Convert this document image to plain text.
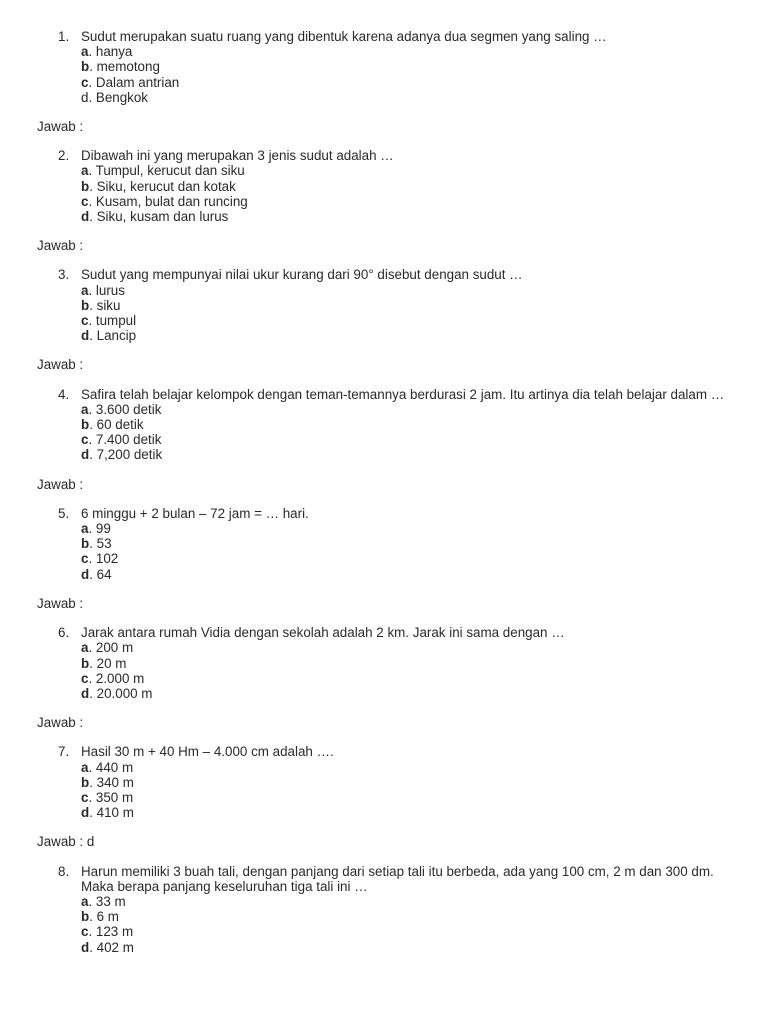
1. Sudut merupakan suatu ruang yang dibentuk karena adanya dua segmen yang saling …
a. hanya
b. memotong
c. Dalam antrian
d. Bengkok
Jawab :
2. Dibawah ini yang merupakan 3 jenis sudut adalah …
a. Tumpul, kerucut dan siku
b. Siku, kerucut dan kotak
c. Kusam, bulat dan runcing
d. Siku, kusam dan lurus
Jawab :
3. Sudut yang mempunyai nilai ukur kurang dari 90° disebut dengan sudut …
a. lurus
b. siku
c. tumpul
d. Lancip
Jawab :
4. Safira telah belajar kelompok dengan teman-temannya berdurasi 2 jam. Itu artinya dia telah belajar dalam …
a. 3.600 detik
b. 60 detik
c. 7.400 detik
d. 7,200 detik
Jawab :
5. 6 minggu + 2 bulan – 72 jam = … hari.
a. 99
b. 53
c. 102
d. 64
Jawab :
6. Jarak antara rumah Vidia dengan sekolah adalah 2 km. Jarak ini sama dengan …
a. 200 m
b. 20 m
c. 2.000 m
d. 20.000 m
Jawab :
7. Hasil 30 m + 40 Hm – 4.000 cm adalah ….
a. 440 m
b. 340 m
c. 350 m
d. 410 m
Jawab : d
8. Harun memiliki 3 buah tali, dengan panjang dari setiap tali itu berbeda, ada yang 100 cm, 2 m dan 300 dm. Maka berapa panjang keseluruhan tiga tali ini …
a. 33 m
b. 6 m
c. 123 m
d. 402 m
